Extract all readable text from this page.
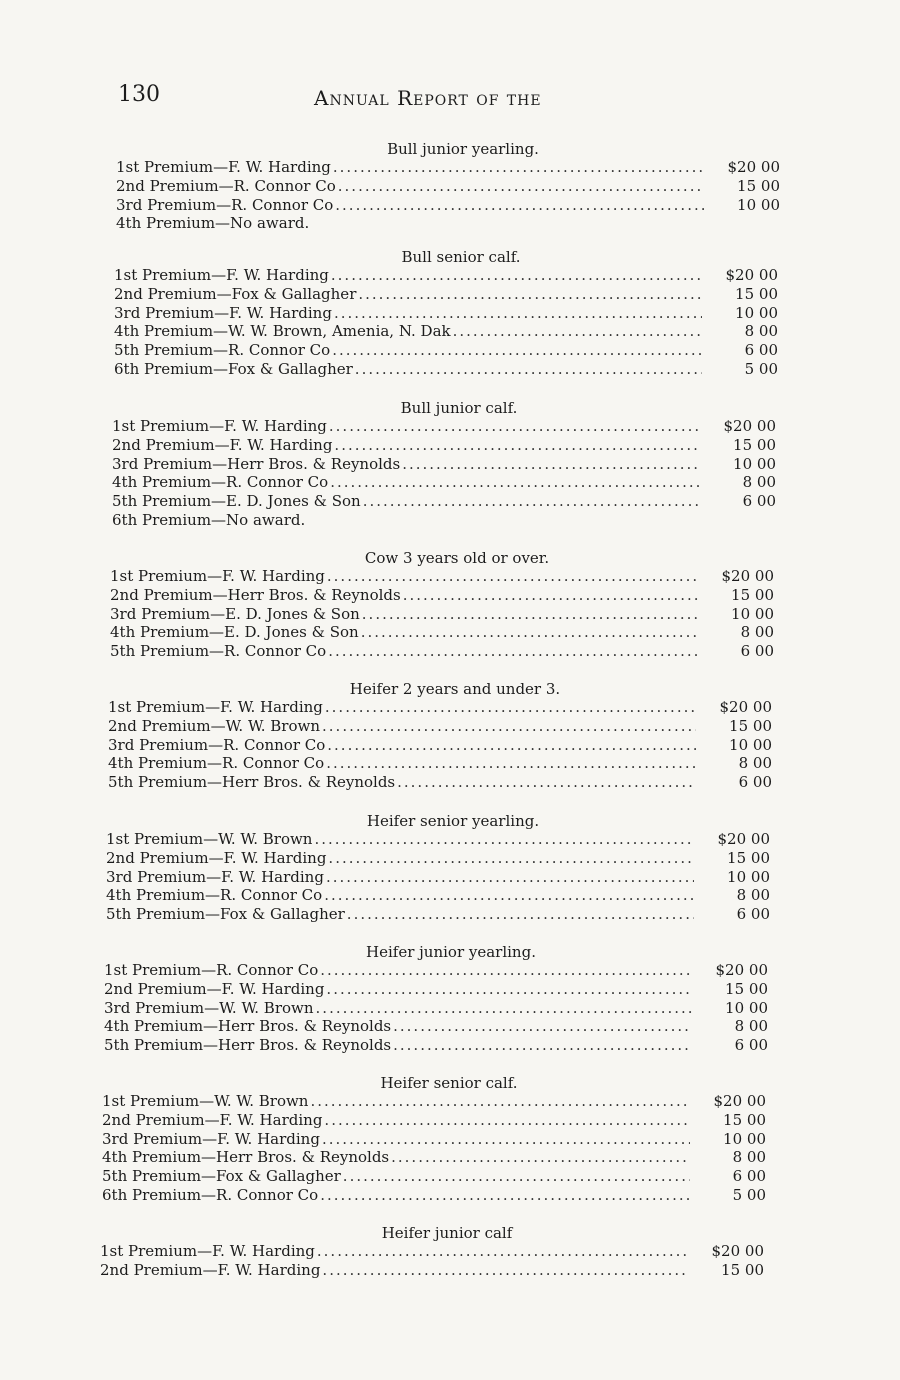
130	Annual Report of the
Bull junior yearling.
1st Premium—F. W. Harding .....	$20 00
2nd Premium—R. Connor Co .....	15 00
3rd Premium—R. Connor Co .....	10 00
4th Premium—No award.
Bull senior calf.
1st Premium—F. W. Harding .....	$20 00
2nd Premium—Fox & Gallagher .....	15 00
3rd Premium—F. W. Harding .....	10 00
4th Premium—W. W. Brown, Amenia, N. Dak .....	8 00
5th Premium—R. Connor Co .....	6 00
6th Premium—Fox & Gallagher .....	5 00
Bull junior calf.
1st Premium—F. W. Harding .....	$20 00
2nd Premium—F. W. Harding .....	15 00
3rd Premium—Herr Bros. & Reynolds .....	10 00
4th Premium—R. Connor Co .....	8 00
5th Premium—E. D. Jones & Son .....	6 00
6th Premium—No award.
Cow 3 years old or over.
1st Premium—F. W. Harding .....	$20 00
2nd Premium—Herr Bros. & Reynolds .....	15 00
3rd Premium—E. D. Jones & Son .....	10 00
4th Premium—E. D. Jones & Son .....	8 00
5th Premium—R. Connor Co .....	6 00
Heifer 2 years and under 3.
1st Premium—F. W. Harding .....	$20 00
2nd Premium—W. W. Brown .....	15 00
3rd Premium—R. Connor Co .....	10 00
4th Premium—R. Connor Co .....	8 00
5th Premium—Herr Bros. & Reynolds .....	6 00
Heifer senior yearling.
1st Premium—W. W. Brown .....	$20 00
2nd Premium—F. W. Harding .....	15 00
3rd Premium—F. W. Harding .....	10 00
4th Premium—R. Connor Co .....	8 00
5th Premium—Fox & Gallagher .....	6 00
Heifer junior yearling.
1st Premium—R. Connor Co .....	$20 00
2nd Premium—F. W. Harding .....	15 00
3rd Premium—W. W. Brown .....	10 00
4th Premium—Herr Bros. & Reynolds .....	8 00
5th Premium—Herr Bros. & Reynolds .....	6 00
Heifer senior calf.
1st Premium—W. W. Brown .....	$20 00
2nd Premium—F. W. Harding .....	15 00
3rd Premium—F. W. Harding .....	10 00
4th Premium—Herr Bros. & Reynolds .....	8 00
5th Premium—Fox & Gallagher .....	6 00
6th Premium—R. Connor Co .....	5 00
Heifer junior calf
1st Premium—F. W. Harding .....	$20 00
2nd Premium—F. W. Harding .....	15 00
